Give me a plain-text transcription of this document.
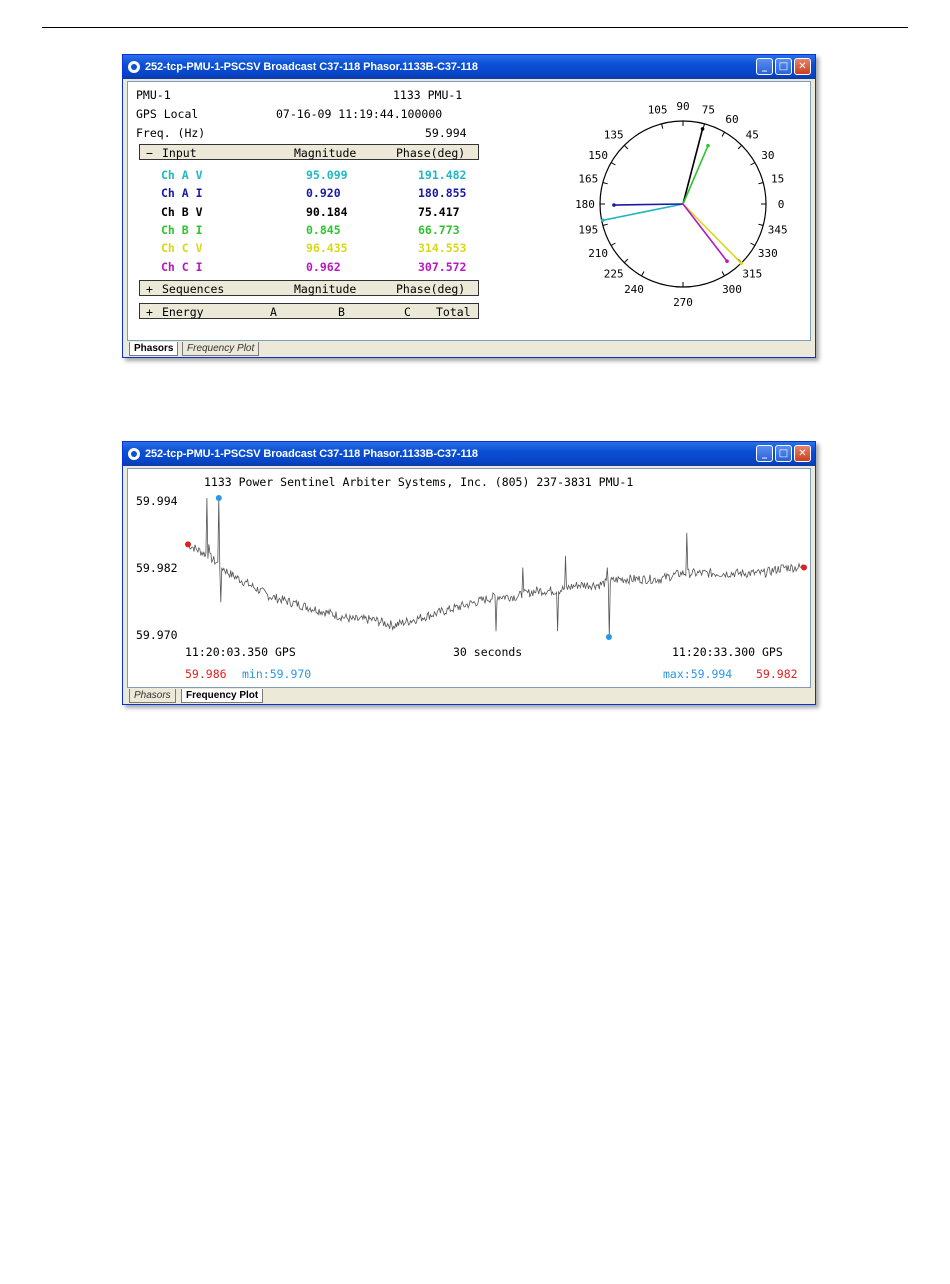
252-tcp-PMU-1-PSCSV Broadcast C37-118 Phasor.1133B-C37-118	_	□	✕
PMU-1	1133 PMU-1
GPS Local	07-16-09 11:19:44.100000
Freq. (Hz)	59.994
− Input	Magnitude	Phase(deg)
Ch A V	95.099	191.482
Ch A I	0.920	180.855
Ch B V	90.184	75.417
Ch B I	0.845	66.773
Ch C V	96.435	314.553
Ch C I	0.962	307.572
+ Sequences	Magnitude	Phase(deg)
+ Energy	A	B	C Total
0
15
30
45
60
75
90
105
135
150
165
180
195
210
225
240
270
300
315
330
345
Phasors	Frequency Plot
252-tcp-PMU-1-PSCSV Broadcast C37-118 Phasor.1133B-C37-118	_	□	✕
1133 Power Sentinel Arbiter Systems, Inc. (805) 237-3831 PMU-1
59.994
59.982
59.970
11:20:03.350 GPS	30 seconds	11:20:33.300 GPS
59.986 min:59.970	max:59.994 59.982
Phasors	Frequency Plot
